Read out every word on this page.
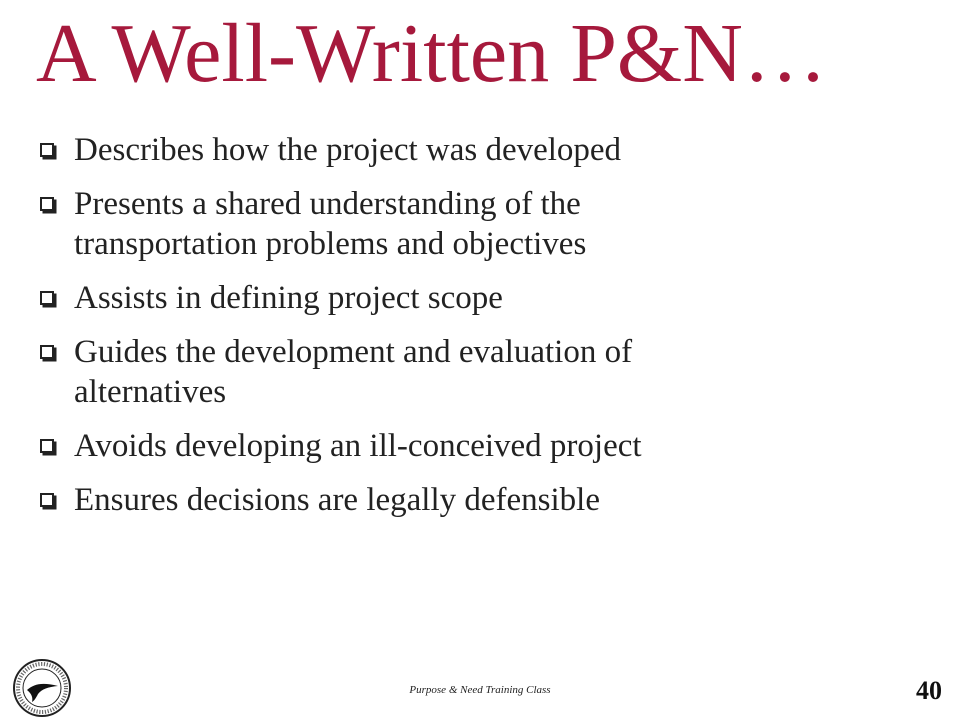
A Well-Written P&N…
Describes how the project was developed
Presents a shared understanding of the
transportation problems and objectives
Assists in defining project scope
Guides the development and evaluation of
alternatives
Avoids developing an ill-conceived project
Ensures decisions are legally defensible
Purpose & Need Training Class	40
